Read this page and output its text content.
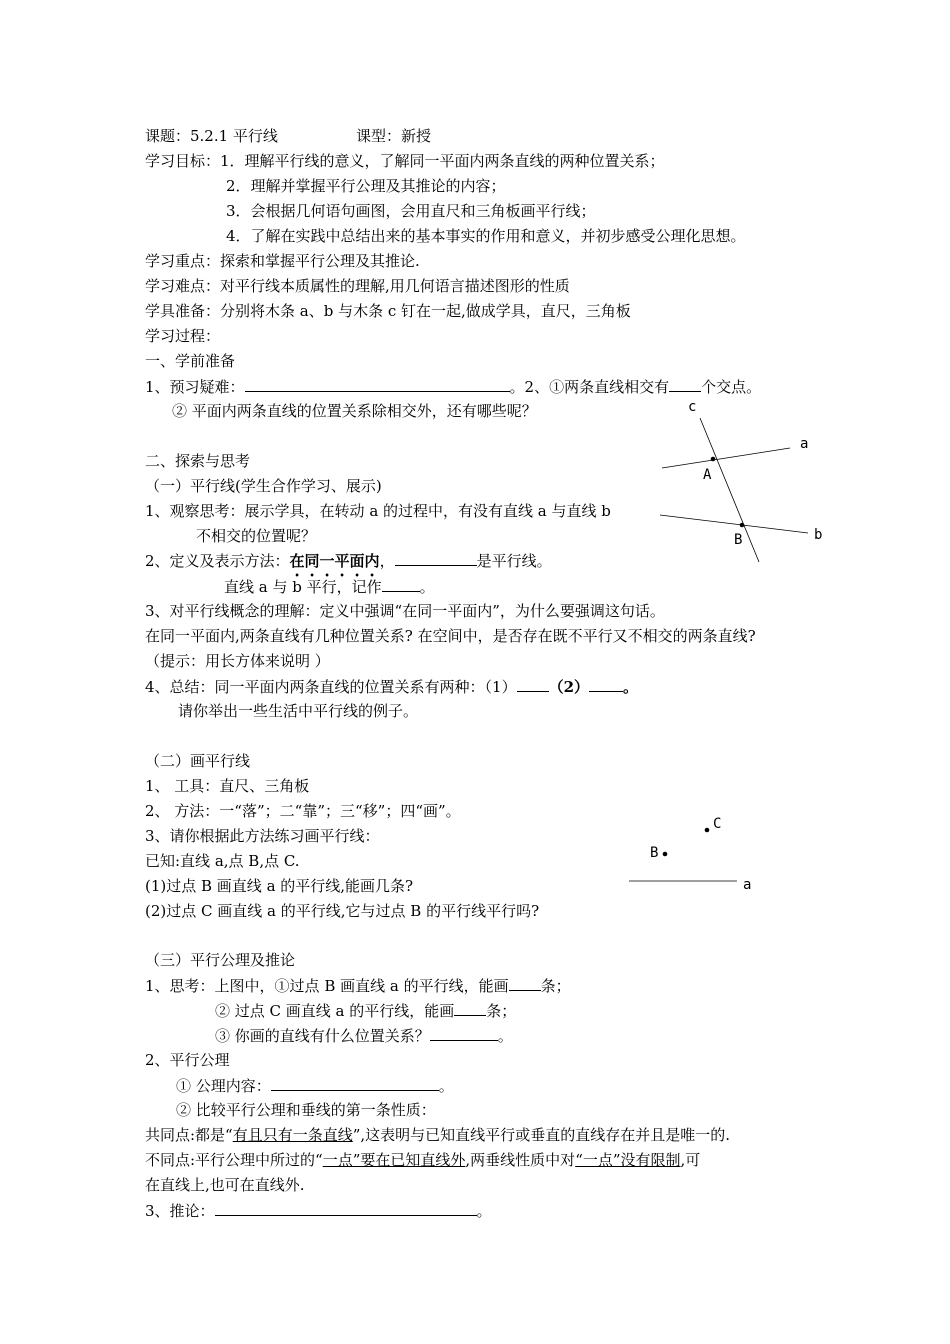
课题：5.2.1 平行线	课型：新授
学习目标：1．理解平行线的意义，了解同一平面内两条直线的两种位置关系；
2．理解并掌握平行公理及其推论的内容；
3．会根据几何语句画图，会用直尺和三角板画平行线；
4．了解在实践中总结出来的基本事实的作用和意义，并初步感受公理化思想。
学习重点：探索和掌握平行公理及其推论.
学习难点：对平行线本质属性的理解,用几何语言描述图形的性质
学具准备：分别将木条 a、b 与木条 c 钉在一起,做成学具，直尺，三角板
学习过程：
一、学前准备
1、预习疑难：	。2、①两条直线相交有 个交点。
② 平面内两条直线的位置关系除相交外，还有哪些呢？
二、探索与思考
（一）平行线(学生合作学习、展示)
1、观察思考：展示学具，在转动 a 的过程中，有没有直线 a 与直线 b
不相交的位置呢？
2、定义及表示方法：在同一平面内，	是平行线。
直线 a 与 b 平行，记作	。
3、对平行线概念的理解：定义中强调“在同一平面内”，为什么要强调这句话。
在同一平面内,两条直线有几种位置关系? 在空间中，是否存在既不平行又不相交的两条直线?
（提示：用长方体来说明 ）
4、总结：同一平面内两条直线的位置关系有两种：（1） （2） 。
请你举出一些生活中平行线的例子。
（二）画平行线
1、 工具：直尺、三角板
2、 方法：一“落”；二“靠”；三“移”；四“画”。
3、请你根据此方法练习画平行线：
已知:直线 a,点 B,点 C.
(1)过点 B 画直线 a 的平行线,能画几条?
(2)过点 C 画直线 a 的平行线,它与过点 B 的平行线平行吗?
（三）平行公理及推论
1、思考：上图中，①过点 B 画直线 a 的平行线，能画 条；
② 过点 C 画直线 a 的平行线，能画 条；
③ 你画的直线有什么位置关系？	。
2、平行公理
① 公理内容：	。
② 比较平行公理和垂线的第一条性质：
共同点:都是“有且只有一条直线”,这表明与已知直线平行或垂直的直线存在并且是唯一的.
不同点:平行公理中所过的“一点”要在已知直线外,两垂线性质中对“一点”没有限制,可
在直线上,也可在直线外.
3、推论：	。
c
a
A
b
B
C
B
a
